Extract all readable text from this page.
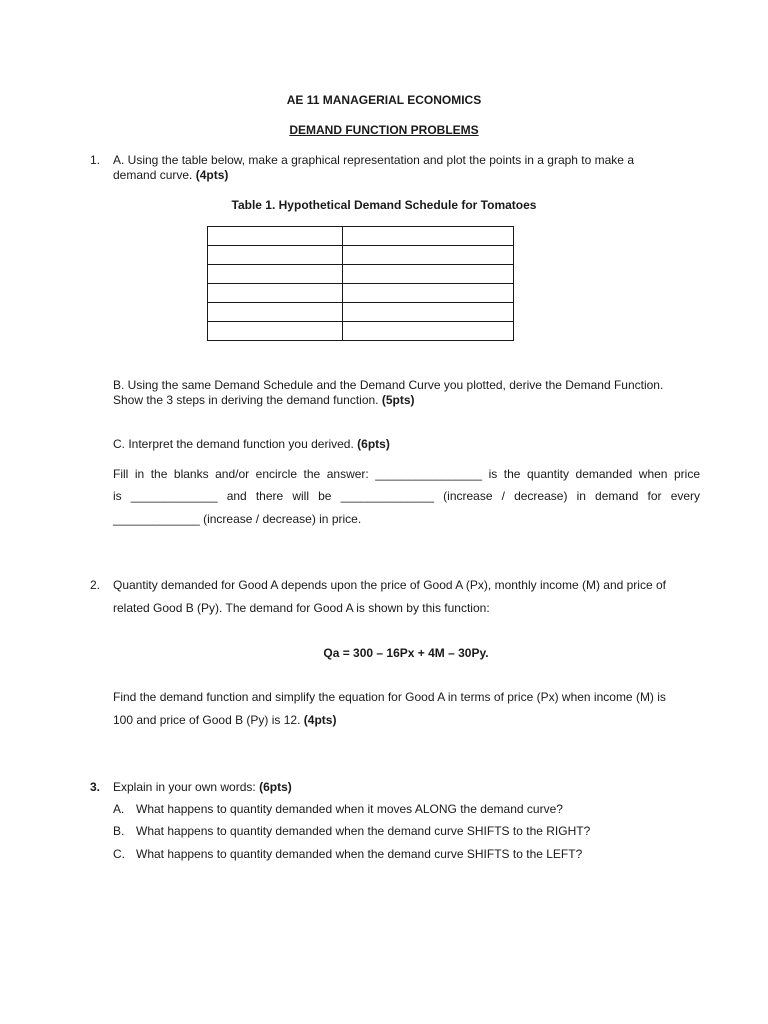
AE 11 MANAGERIAL ECONOMICS
DEMAND FUNCTION PROBLEMS
1. A. Using the table below, make a graphical representation and plot the points in a graph to make a
demand curve. (4pts)
Table 1. Hypothetical Demand Schedule for Tomatoes

B. Using the same Demand Schedule and the Demand Curve you plotted, derive the Demand Function.
Show the 3 steps in deriving the demand function. (5pts)
C. Interpret the demand function you derived. (6pts)
Fill in the blanks and/or encircle the answer: ________________ is the quantity demanded when price
is _____________ and there will be ______________ (increase / decrease) in demand for every
_____________ (increase / decrease) in price.
2. Quantity demanded for Good A depends upon the price of Good A (Px), monthly income (M) and price of
related Good B (Py). The demand for Good A is shown by this function:
Qa = 300 – 16Px + 4M – 30Py.
Find the demand function and simplify the equation for Good A in terms of price (Px) when income (M) is
100 and price of Good B (Py) is 12. (4pts)
3. Explain in your own words: (6pts)
A. What happens to quantity demanded when it moves ALONG the demand curve?
B. What happens to quantity demanded when the demand curve SHIFTS to the RIGHT?
C. What happens to quantity demanded when the demand curve SHIFTS to the LEFT?
